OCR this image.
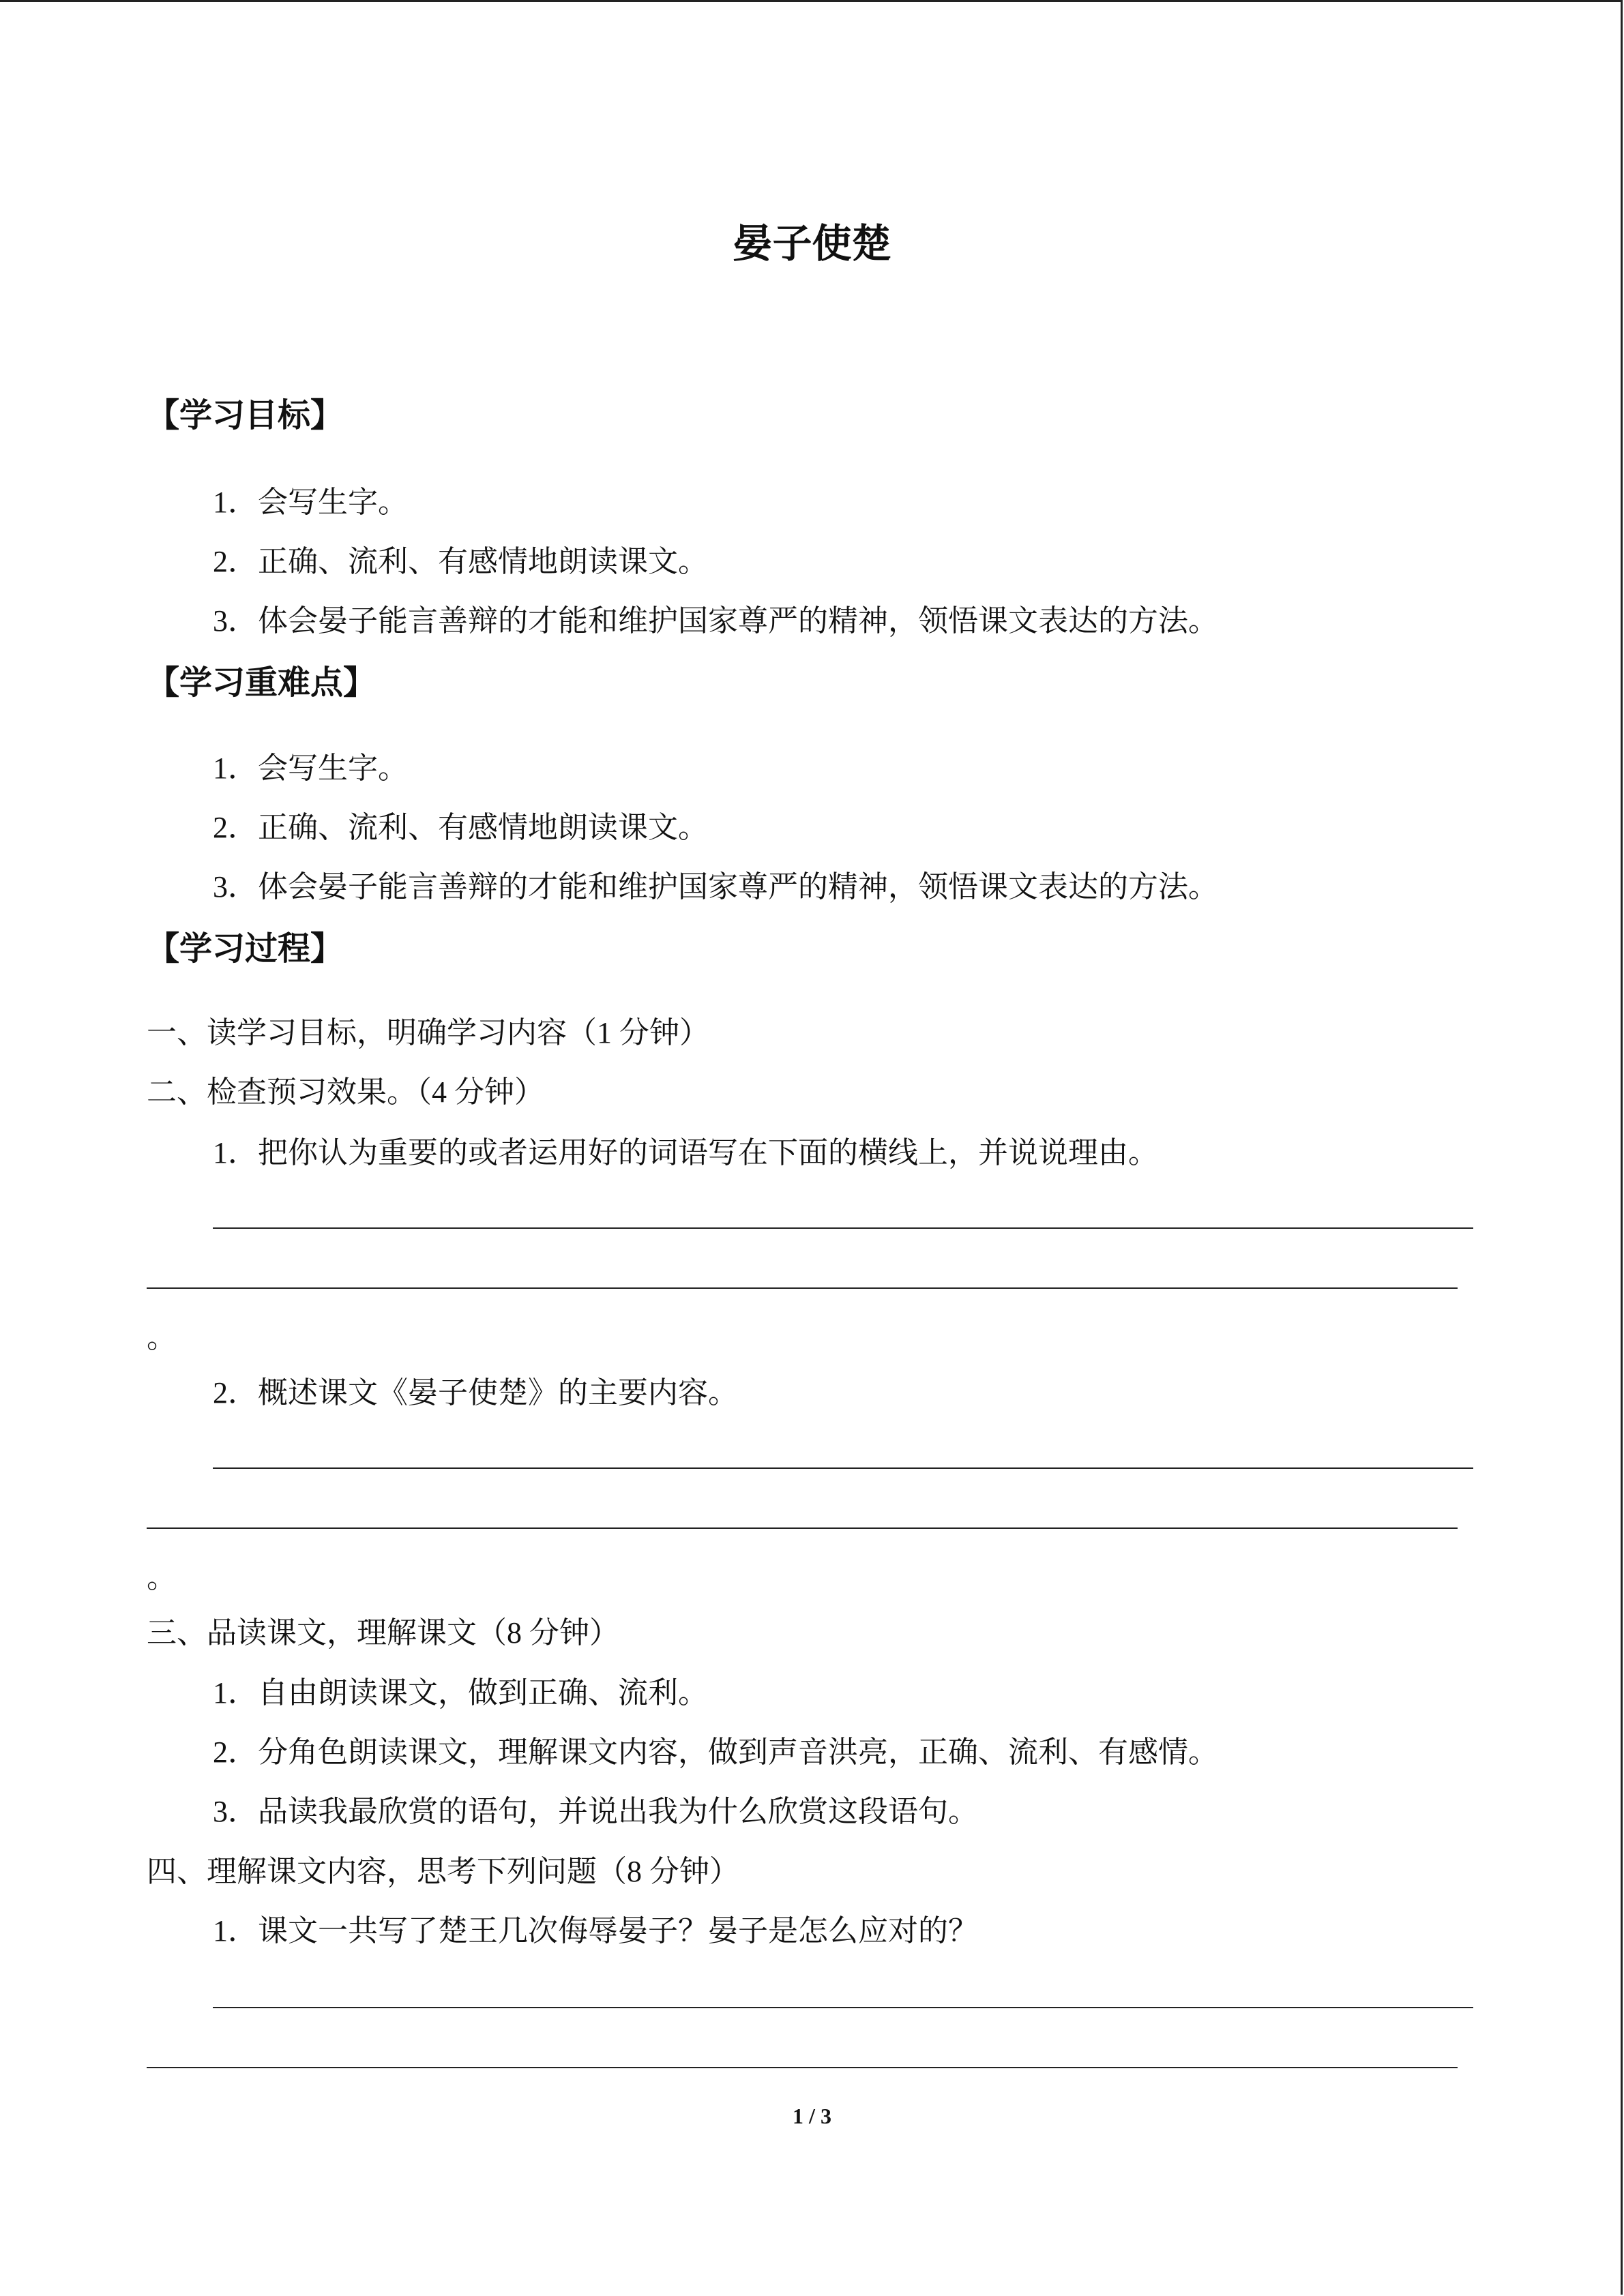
晏子使楚
【学习目标】
1．会写生字。
2．正确、流利、有感情地朗读课文。
3．体会晏子能言善辩的才能和维护国家尊严的精神，领悟课文表达的方法。
【学习重难点】
1．会写生字。
2．正确、流利、有感情地朗读课文。
3．体会晏子能言善辩的才能和维护国家尊严的精神，领悟课文表达的方法。
【学习过程】
一、读学习目标，明确学习内容（1 分钟）
二、检查预习效果。（4 分钟）
1．把你认为重要的或者运用好的词语写在下面的横线上，并说说理由。
。
2．概述课文《晏子使楚》的主要内容。
。
三、品读课文，理解课文（8 分钟）
1．自由朗读课文，做到正确、流利。
2．分角色朗读课文，理解课文内容，做到声音洪亮，正确、流利、有感情。
3．品读我最欣赏的语句，并说出我为什么欣赏这段语句。
四、理解课文内容，思考下列问题（8 分钟）
1．课文一共写了楚王几次侮辱晏子？晏子是怎么应对的？
1 / 3
